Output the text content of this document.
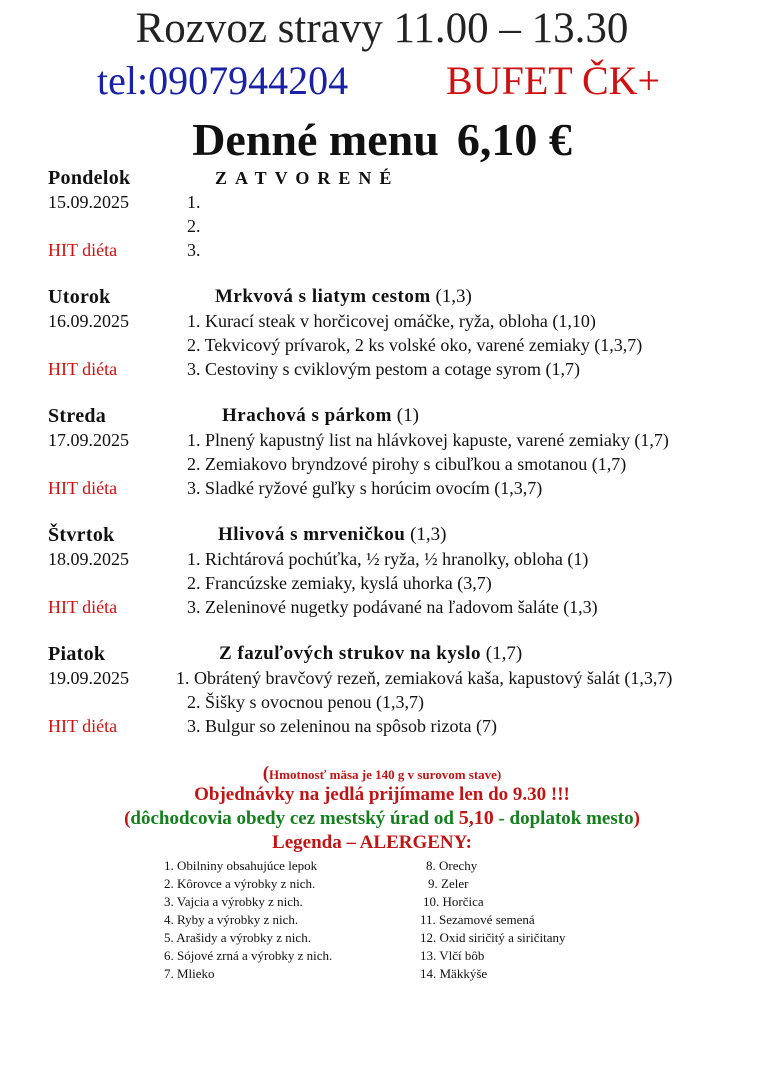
Rozvoz stravy 11.00 – 13.30
tel:0907944204 BUFET ČK+
Denné menu 6,10 €
Pondelok	ZATVORENÉ
15.09.2025	1.
2.
HIT diéta	3.
Utorok	Mrkvová s liatym cestom (1,3)
16.09.2025	1. Kurací steak v horčicovej omáčke, ryža, obloha (1,10)
2. Tekvicový prívarok, 2 ks volské oko, varené zemiaky (1,3,7)
HIT diéta	3. Cestoviny s cviklovým pestom a cotage syrom (1,7)
Streda	Hrachová s párkom (1)
17.09.2025	1. Plnený kapustný list na hlávkovej kapuste, varené zemiaky (1,7)
2. Zemiakovo bryndzové pirohy s cibuľkou a smotanou (1,7)
HIT diéta	3. Sladké ryžové guľky s horúcim ovocím (1,3,7)
Štvrtok	Hlivová s mrveničkou (1,3)
18.09.2025	1. Richtárová pochúťka, ½ ryža, ½ hranolky, obloha (1)
2. Francúzske zemiaky, kyslá uhorka (3,7)
HIT diéta	3. Zeleninové nugetky podávané na ľadovom šaláte (1,3)
Piatok	Z fazuľových strukov na kyslo (1,7)
19.09.2025	1. Obrátený bravčový rezeň, zemiaková kaša, kapustový šalát (1,3,7)
2. Šišky s ovocnou penou (1,3,7)
HIT diéta	3. Bulgur so zeleninou na spôsob rizota (7)
(Hmotnosť mäsa je 140 g v surovom stave)
Objednávky na jedlá prijímame len do 9.30 !!!
(dôchodcovia obedy cez mestský úrad od 5,10 - doplatok mesto)
Legenda – ALERGENY:
1. Obilniny obsahujúce lepok
2. Kôrovce a výrobky z nich.
3. Vajcia a výrobky z nich.
4. Ryby a výrobky z nich.
5. Arašidy a výrobky z nich.
6. Sójové zrná a výrobky z nich.
7. Mlieko
8. Orechy
9. Zeler
10. Horčica
11. Sezamové semená
12. Oxid siričitý a siričitany
13. Vlčí bôb
14. Mäkkýše
